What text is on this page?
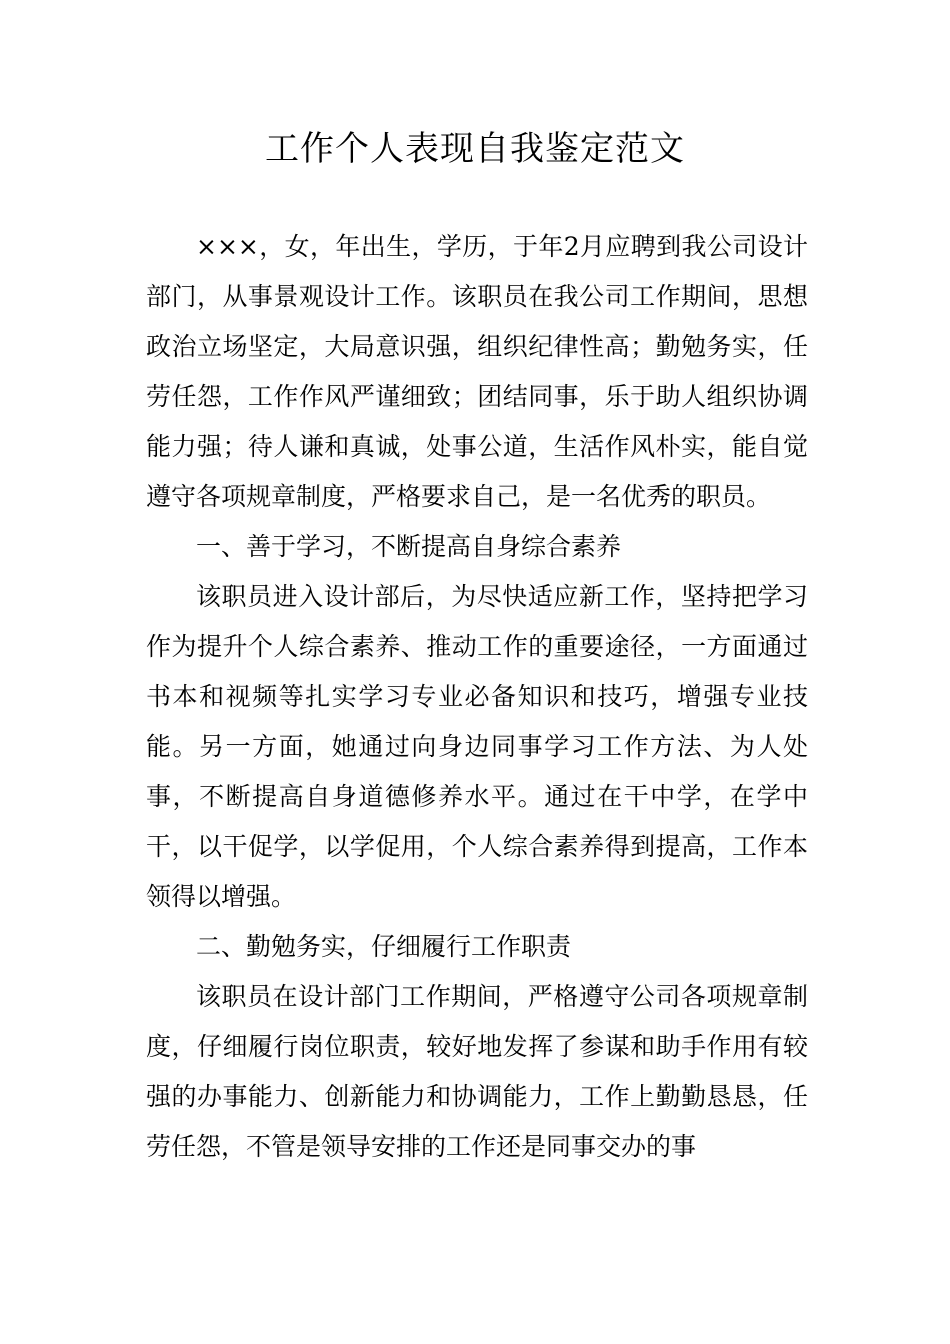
工作个人表现自我鉴定范文

×××，女，年出生，学历，于年2月应聘到我公司设计部门，从事景观设计工作。该职员在我公司工作期间，思想政治立场坚定，大局意识强，组织纪律性高；勤勉务实，任劳任怨，工作作风严谨细致；团结同事，乐于助人组织协调能力强；待人谦和真诚，处事公道，生活作风朴实，能自觉遵守各项规章制度，严格要求自己，是一名优秀的职员。

一、善于学习，不断提高自身综合素养

该职员进入设计部后，为尽快适应新工作，坚持把学习作为提升个人综合素养、推动工作的重要途径，一方面通过书本和视频等扎实学习专业必备知识和技巧，增强专业技能。另一方面，她通过向身边同事学习工作方法、为人处事，不断提高自身道德修养水平。通过在干中学，在学中干，以干促学，以学促用，个人综合素养得到提高，工作本领得以增强。

二、勤勉务实，仔细履行工作职责

该职员在设计部门工作期间，严格遵守公司各项规章制度，仔细履行岗位职责，较好地发挥了参谋和助手作用有较强的办事能力、创新能力和协调能力，工作上勤勤恳恳，任劳任怨，不管是领导安排的工作还是同事交办的事
